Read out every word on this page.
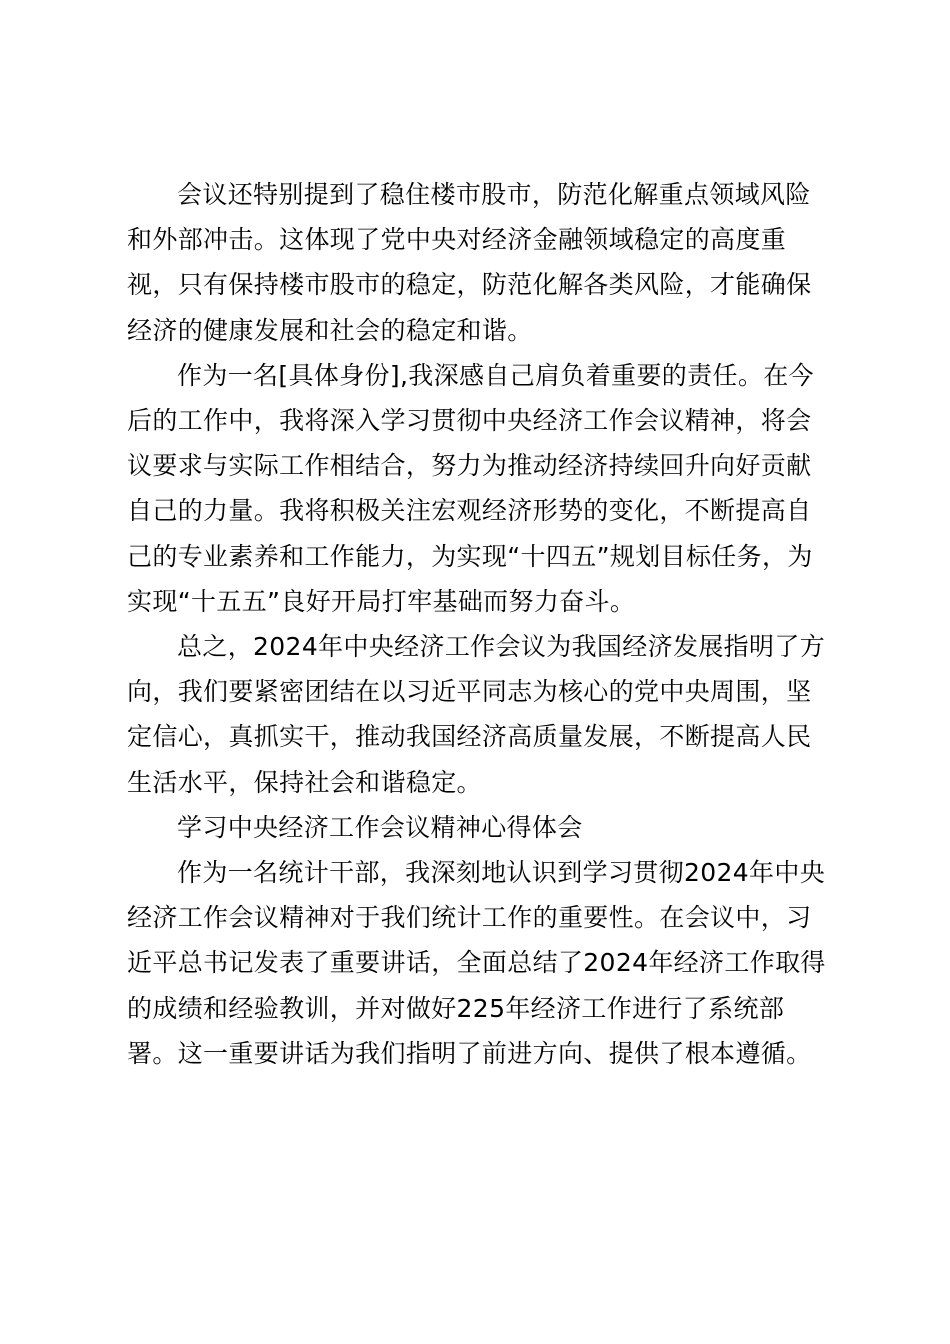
会议还特别提到了稳住楼市股市，防范化解重点领域风险和外部冲击。这体现了党中央对经济金融领域稳定的高度重视，只有保持楼市股市的稳定，防范化解各类风险，才能确保经济的健康发展和社会的稳定和谐。

作为一名[具体身份],我深感自己肩负着重要的责任。在今后的工作中，我将深入学习贯彻中央经济工作会议精神，将会议要求与实际工作相结合，努力为推动经济持续回升向好贡献自己的力量。我将积极关注宏观经济形势的变化，不断提高自己的专业素养和工作能力，为实现“十四五”规划目标任务，为实现“十五五”良好开局打牢基础而努力奋斗。

总之，2024年中央经济工作会议为我国经济发展指明了方向，我们要紧密团结在以习近平同志为核心的党中央周围，坚定信心，真抓实干，推动我国经济高质量发展，不断提高人民生活水平，保持社会和谐稳定。

学习中央经济工作会议精神心得体会

作为一名统计干部，我深刻地认识到学习贯彻2024年中央经济工作会议精神对于我们统计工作的重要性。在会议中，习近平总书记发表了重要讲话，全面总结了2024年经济工作取得的成绩和经验教训，并对做好225年经济工作进行了系统部署。这一重要讲话为我们指明了前进方向、提供了根本遵循。
